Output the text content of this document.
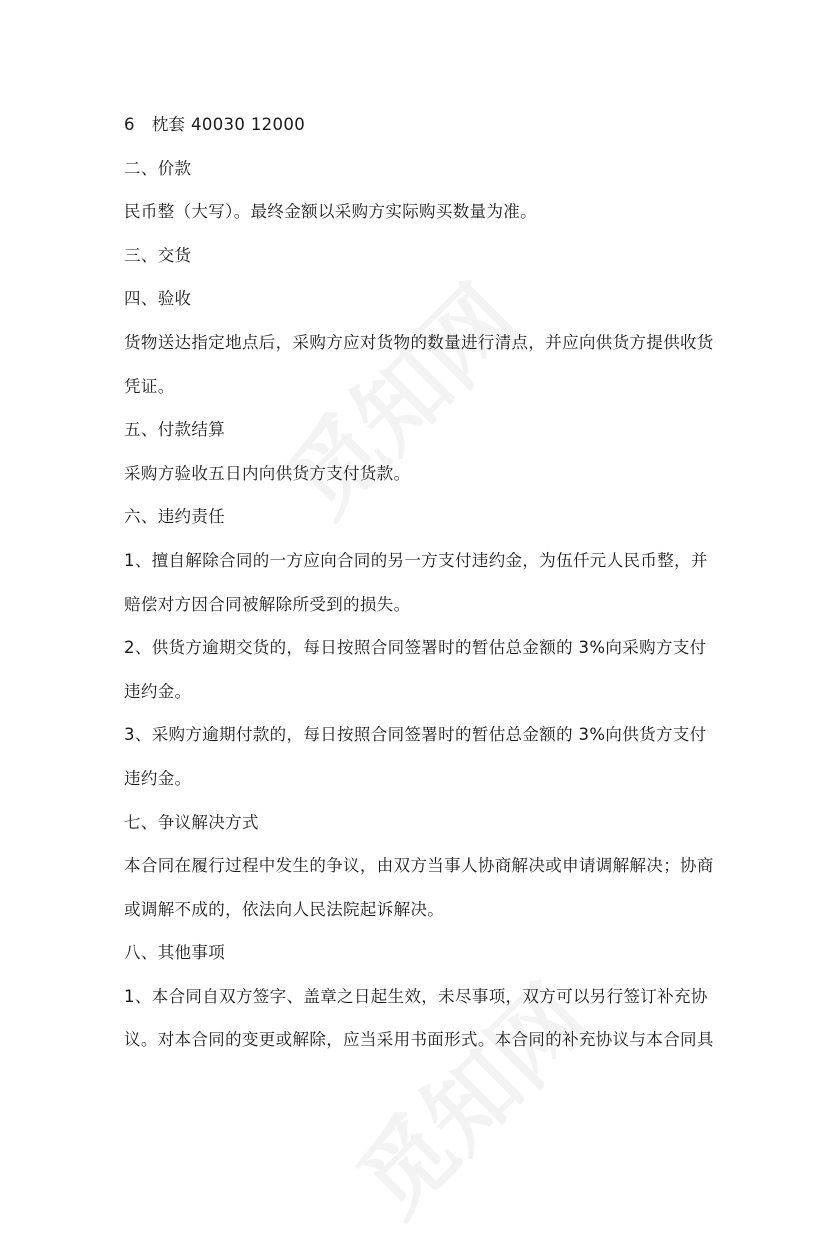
6　枕套 40030 12000
二、价款
民币整（大写）。最终金额以采购方实际购买数量为准。
三、交货
四、验收
货物送达指定地点后，采购方应对货物的数量进行清点，并应向供货方提供收货
凭证。
五、付款结算
采购方验收五日内向供货方支付货款。
六、违约责任
1、擅自解除合同的一方应向合同的另一方支付违约金，为伍仟元人民币整，并
赔偿对方因合同被解除所受到的损失。
2、供货方逾期交货的，每日按照合同签署时的暂估总金额的 3%向采购方支付
违约金。
3、采购方逾期付款的，每日按照合同签署时的暂估总金额的 3%向供货方支付
违约金。
七、争议解决方式
本合同在履行过程中发生的争议，由双方当事人协商解决或申请调解解决；协商
或调解不成的，依法向人民法院起诉解决。
八、其他事项
1、本合同自双方签字、盖章之日起生效，未尽事项，双方可以另行签订补充协
议。对本合同的变更或解除，应当采用书面形式。本合同的补充协议与本合同具
